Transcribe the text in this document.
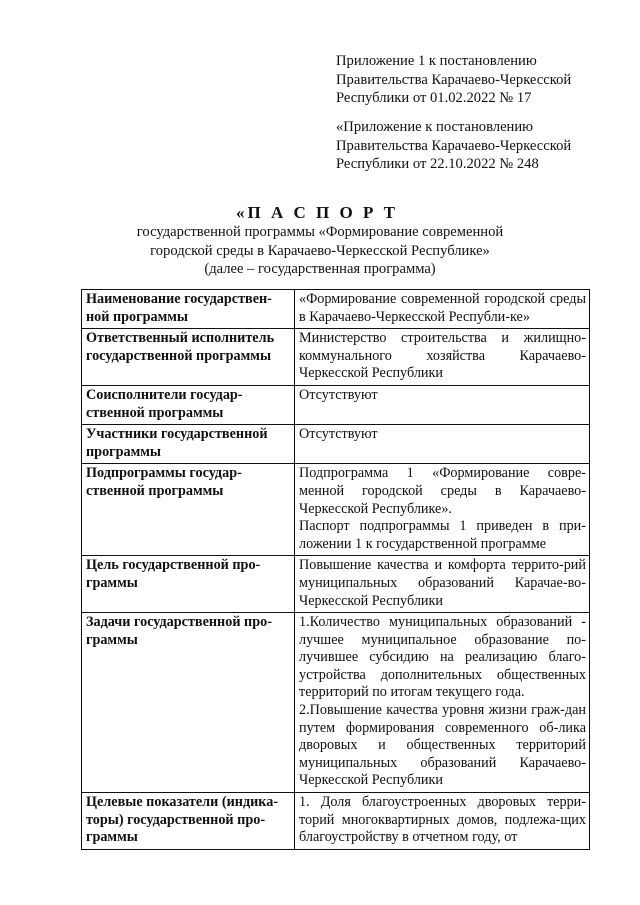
Приложение 1 к постановлению
Правительства Карачаево-Черкесской
Республики от 01.02.2022 № 17
«Приложение к постановлению
Правительства Карачаево-Черкесской
Республики от 22.10.2022 № 248
«П А С П О Р Т
государственной программы «Формирование современной
городской среды в Карачаево-Черкесской Республике»
(далее – государственная программа)
Наименование государствен-ной программы	«Формирование современной городской среды в Карачаево-Черкесской Республи-ке»

Ответственный исполнитель государственной программы	Министерство строительства и жилищно-коммунального хозяйства Карачаево-Черкесской Республики

Соисполнители государ-ственной программы	Отсутствуют

Участники государственной программы	Отсутствуют

Подпрограммы государ-ственной программы	Подпрограмма 1 «Формирование совре-менной городской среды в Карачаево-Черкесской Республике».

Паспорт подпрограммы 1 приведен в при-ложении 1 к государственной программе

Цель государственной про-граммы	Повышение качества и комфорта террито-рий муниципальных образований Карачае-во-Черкесской Республики

Задачи государственной про-граммы	1.Количество муниципальных образований - лучшее муниципальное образование по-лучившее субсидию на реализацию благо-устройства дополнительных общественных территорий по итогам текущего года.

2.Повышение качества уровня жизни граж-дан путем формирования современного об-лика дворовых и общественных территорий муниципальных образований Карачаево-Черкесской Республики

Целевые показатели (индика-торы) государственной про-граммы	1. Доля благоустроенных дворовых терри-торий многоквартирных домов, подлежа-щих благоустройству в отчетном году, от
